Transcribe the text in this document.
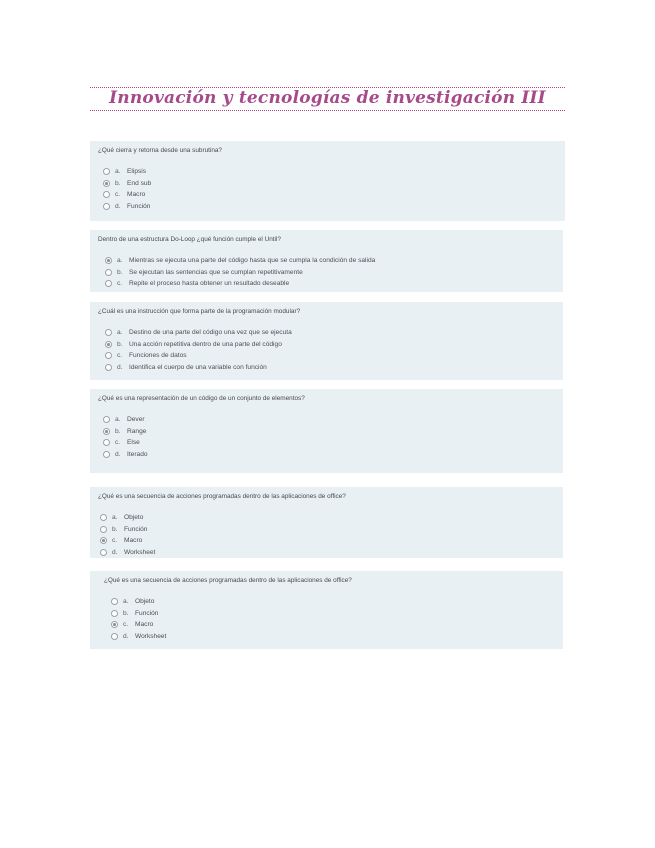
Innovación y tecnologías de investigación III
¿Qué cierra y retorna desde una subrutina?
a. Elipsis
b. End sub
c.	Macro
d. Función
Dentro de una estructura Do-Loop ¿qué función cumple el Until?
a. Mientras se ejecuta una parte del código hasta que se cumpla la condición de salida
b. Se ejecutan las sentencias que se cumplan repetitivamente
c.	Repite el proceso hasta obtener un resultado deseable
¿Cuál es una instrucción que forma parte de la programación modular?
a. Destino de una parte del código una vez que se ejecuta
b. Una acción repetitiva dentro de una parte del código
c.	Funciones de datos
d. Identifica el cuerpo de una variable con función
¿Qué es una representación de un código de un conjunto de elementos?
a. Dever
b. Range
c.	Else
d. Iterado
¿Qué es una secuencia de acciones programadas dentro de las aplicaciones de office?
a. Objeto
b. Función
c.	Macro
d. Worksheet
¿Qué es una secuencia de acciones programadas dentro de las aplicaciones de office?
a. Objeto
b. Función
c.	Macro
d. Worksheet
